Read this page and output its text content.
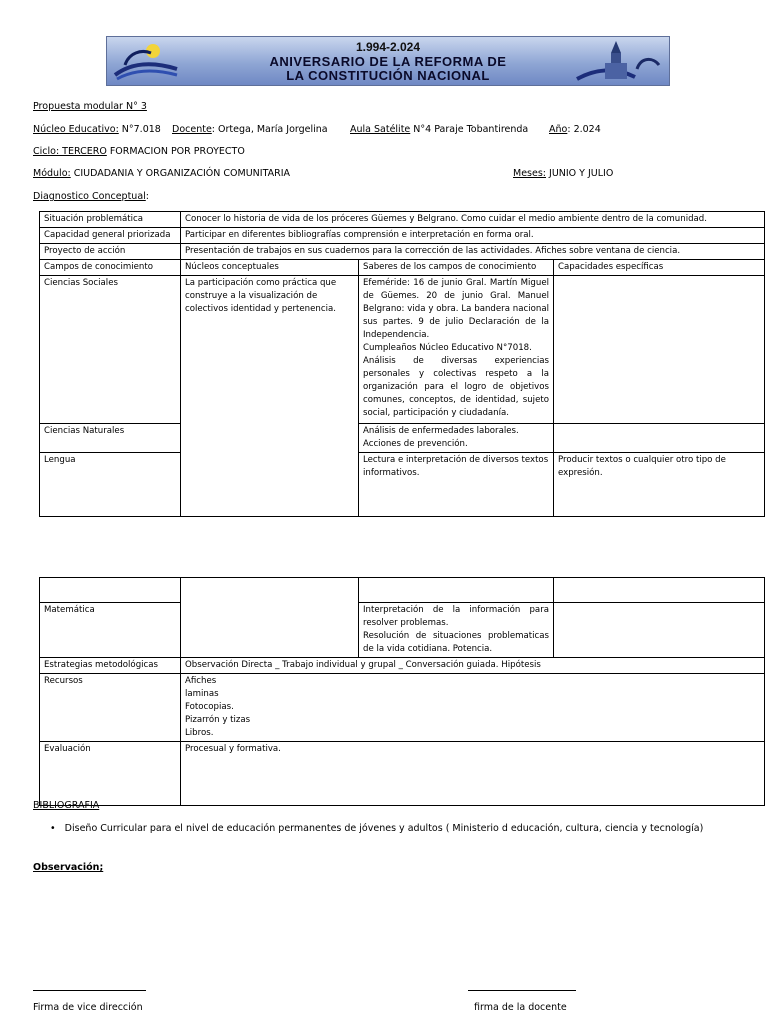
1.994-2.024
ANIVERSARIO DE LA REFORMA DE
LA CONSTITUCIÓN NACIONAL
Propuesta modular N° 3
Núcleo Educativo: N°7.018 Docente: Ortega, María Jorgelina Aula Satélite N°4 Paraje Tobantirenda Año: 2.024
Ciclo: TERCERO FORMACION POR PROYECTO
Módulo: CIUDADANIA Y ORGANIZACIÓN COMUNITARIA	Meses: JUNIO Y JULIO
Diagnostico Conceptual:
Situación problemática	Conocer lo historia de vida de los próceres Güemes y Belgrano. Como cuidar el medio ambiente dentro de la comunidad.		
Capacidad general priorizada	Participar en diferentes bibliografías comprensión e interpretación en forma oral.		
Proyecto de acción	Presentación de trabajos en sus cuadernos para la corrección de las actividades. Afiches sobre ventana de ciencia.		
Campos de conocimiento	Núcleos conceptuales	Saberes de los campos de conocimiento	Capacidades específicas
Ciencias Sociales	La participación como práctica que construye a la visualización de colectivos identidad y pertenencia.	Efeméride: 16 de junio Gral. Martín Miguel de Güemes. 20 de junio Gral. Manuel Belgrano: vida y obra. La bandera nacional sus partes. 9 de julio Declaración de la Independencia.
Cumpleaños Núcleo Educativo N°7018.
Análisis de diversas experiencias personales y colectivas respeto a la organización para el logro de objetivos comunes, conceptos, de identidad, sujeto social, participación y ciudadanía.	

Ciencias Naturales		Análisis de enfermedades laborales.
Acciones de prevención.	

Lengua		Lectura e interpretación de diversos textos informativos.	Producir textos o cualquier otro tipo de expresión.

Matemática		Interpretación de la información para resolver problemas.
Resolución de situaciones problematicas de la vida cotidiana. Potencia.	

Estrategias metodológicas	Observación Directa _ Trabajo individual y grupal _ Conversación guiada. Hipótesis		
Recursos	Afiches
laminas
Fotocopias.
Pizarrón y tizas
Libros.		

Evaluación	Procesual y formativa.		
BIBLIOGRAFIA
• Diseño Curricular para el nivel de educación permanentes de jóvenes y adultos ( Ministerio d educación, cultura, ciencia y tecnología)
Observación;
Firma de vice dirección	firma de la docente
